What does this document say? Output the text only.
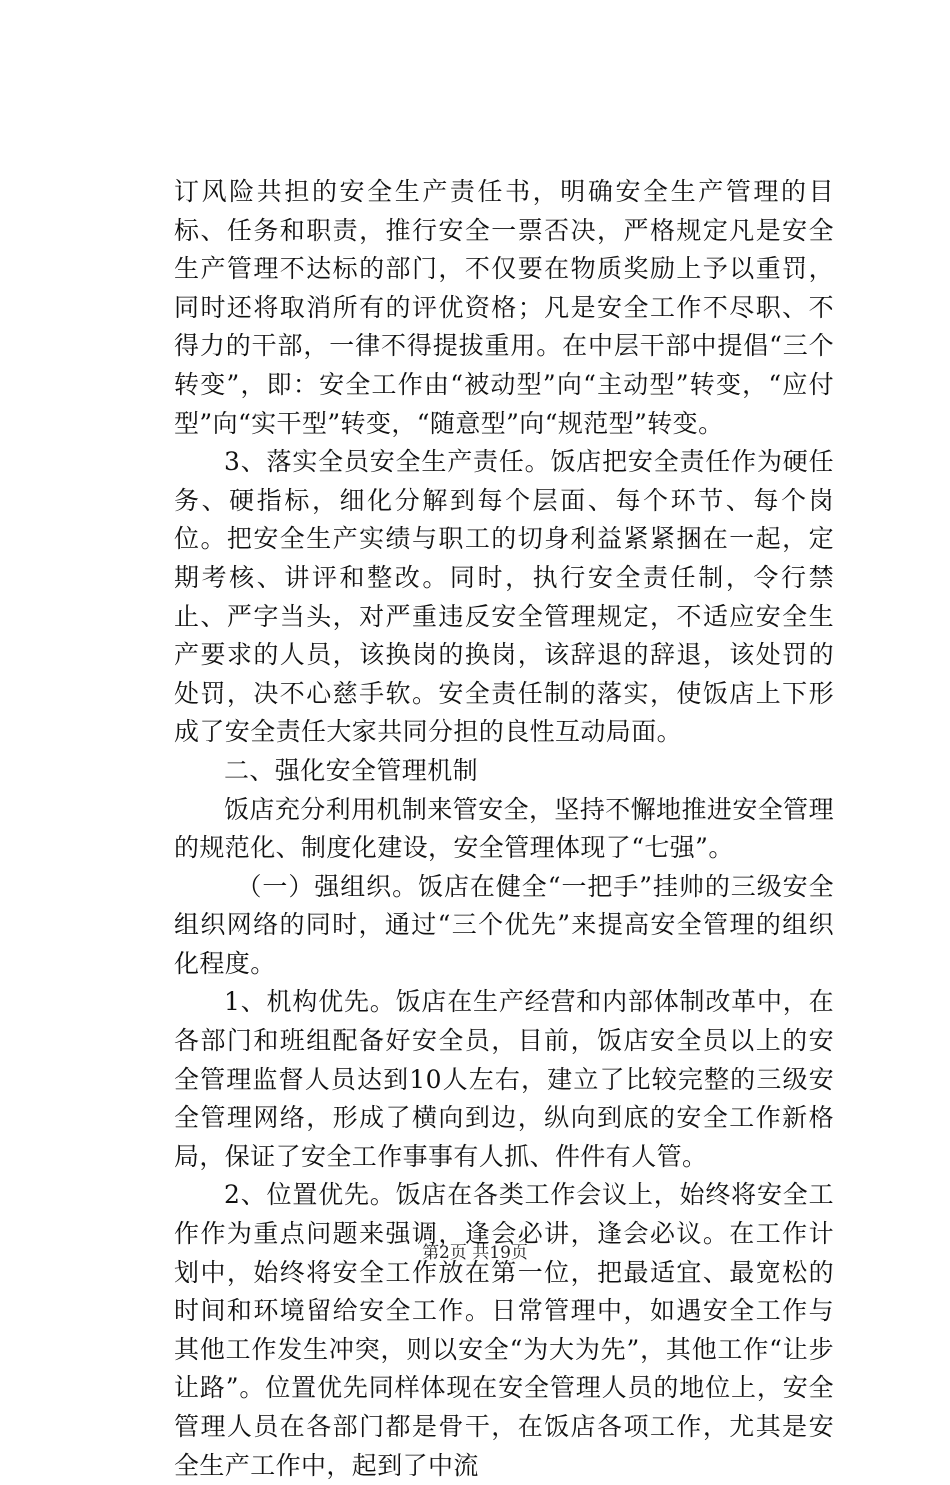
订风险共担的安全生产责任书，明确安全生产管理的目标、任务和职责，推行安全一票否决，严格规定凡是安全生产管理不达标的部门，不仅要在物质奖励上予以重罚，同时还将取消所有的评优资格；凡是安全工作不尽职、不得力的干部，一律不得提拔重用。在中层干部中提倡“三个转变”，即：安全工作由“被动型”向“主动型”转变，“应付型”向“实干型”转变，“随意型”向“规范型”转变。

3、落实全员安全生产责任。饭店把安全责任作为硬任务、硬指标，细化分解到每个层面、每个环节、每个岗位。把安全生产实绩与职工的切身利益紧紧捆在一起，定期考核、讲评和整改。同时，执行安全责任制，令行禁止、严字当头，对严重违反安全管理规定，不适应安全生产要求的人员，该换岗的换岗，该辞退的辞退，该处罚的处罚，决不心慈手软。安全责任制的落实，使饭店上下形成了安全责任大家共同分担的良性互动局面。

二、强化安全管理机制

饭店充分利用机制来管安全，坚持不懈地推进安全管理的规范化、制度化建设，安全管理体现了“七强”。

（一）强组织。饭店在健全“一把手”挂帅的三级安全组织网络的同时，通过“三个优先”来提高安全管理的组织化程度。

1、机构优先。饭店在生产经营和内部体制改革中，在各部门和班组配备好安全员，目前，饭店安全员以上的安全管理监督人员达到10人左右，建立了比较完整的三级安全管理网络，形成了横向到边，纵向到底的安全工作新格局，保证了安全工作事事有人抓、件件有人管。

2、位置优先。饭店在各类工作会议上，始终将安全工作作为重点问题来强调，逢会必讲，逢会必议。在工作计划中，始终将安全工作放在第一位，把最适宜、最宽松的时间和环境留给安全工作。日常管理中，如遇安全工作与其他工作发生冲突，则以安全“为大为先”，其他工作“让步让路”。位置优先同样体现在安全管理人员的地位上，安全管理人员在各部门都是骨干，在饭店各项工作，尤其是安全生产工作中，起到了中流

第2页 共19页
